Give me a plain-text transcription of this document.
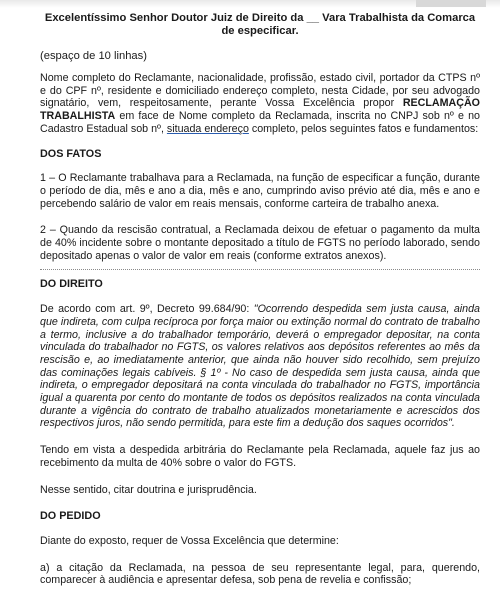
Excelentíssimo Senhor Doutor Juiz de Direito da __ Vara Trabalhista da Comarca
de especificar.
(espaço de 10 linhas)

Nome completo do Reclamante, nacionalidade, profissão, estado civil, portador da CTPS nº e do CPF nº, residente e domiciliado endereço completo, nesta Cidade, por seu advogado signatário, vem, respeitosamente, perante Vossa Excelência propor RECLAMAÇÃO TRABALHISTA em face de Nome completo da Reclamada, inscrita no CNPJ sob nº e no Cadastro Estadual sob nº, situada endereço completo, pelos seguintes fatos e fundamentos:

DOS FATOS

1 – O Reclamante trabalhava para a Reclamada, na função de especificar a função, durante o período de dia, mês e ano a dia, mês e ano, cumprindo aviso prévio até dia, mês e ano e percebendo salário de valor em reais mensais, conforme carteira de trabalho anexa.

2 – Quando da rescisão contratual, a Reclamada deixou de efetuar o pagamento da multa de 40% incidente sobre o montante depositado a título de FGTS no período laborado, sendo depositado apenas o valor de valor em reais (conforme extratos anexos).

DO DIREITO

De acordo com art. 9º, Decreto 99.684/90: "Ocorrendo despedida sem justa causa, ainda que indireta, com culpa recíproca por força maior ou extinção normal do contrato de trabalho a termo, inclusive a do trabalhador temporário, deverá o empregador depositar, na conta vinculada do trabalhador no FGTS, os valores relativos aos depósitos referentes ao mês da rescisão e, ao imediatamente anterior, que ainda não houver sido recolhido, sem prejuízo das cominações legais cabíveis. § 1º - No caso de despedida sem justa causa, ainda que indireta, o empregador depositará na conta vinculada do trabalhador no FGTS, importância igual a quarenta por cento do montante de todos os depósitos realizados na conta vinculada durante a vigência do contrato de trabalho atualizados monetariamente e acrescidos dos respectivos juros, não sendo permitida, para este fim a dedução dos saques ocorridos".

Tendo em vista a despedida arbitrária do Reclamante pela Reclamada, aquele faz jus ao recebimento da multa de 40% sobre o valor do FGTS.

Nesse sentido, citar doutrina e jurisprudência.

DO PEDIDO

Diante do exposto, requer de Vossa Excelência que determine:

a) a citação da Reclamada, na pessoa de seu representante legal, para, querendo, comparecer à audiência e apresentar defesa, sob pena de revelia e confissão;
